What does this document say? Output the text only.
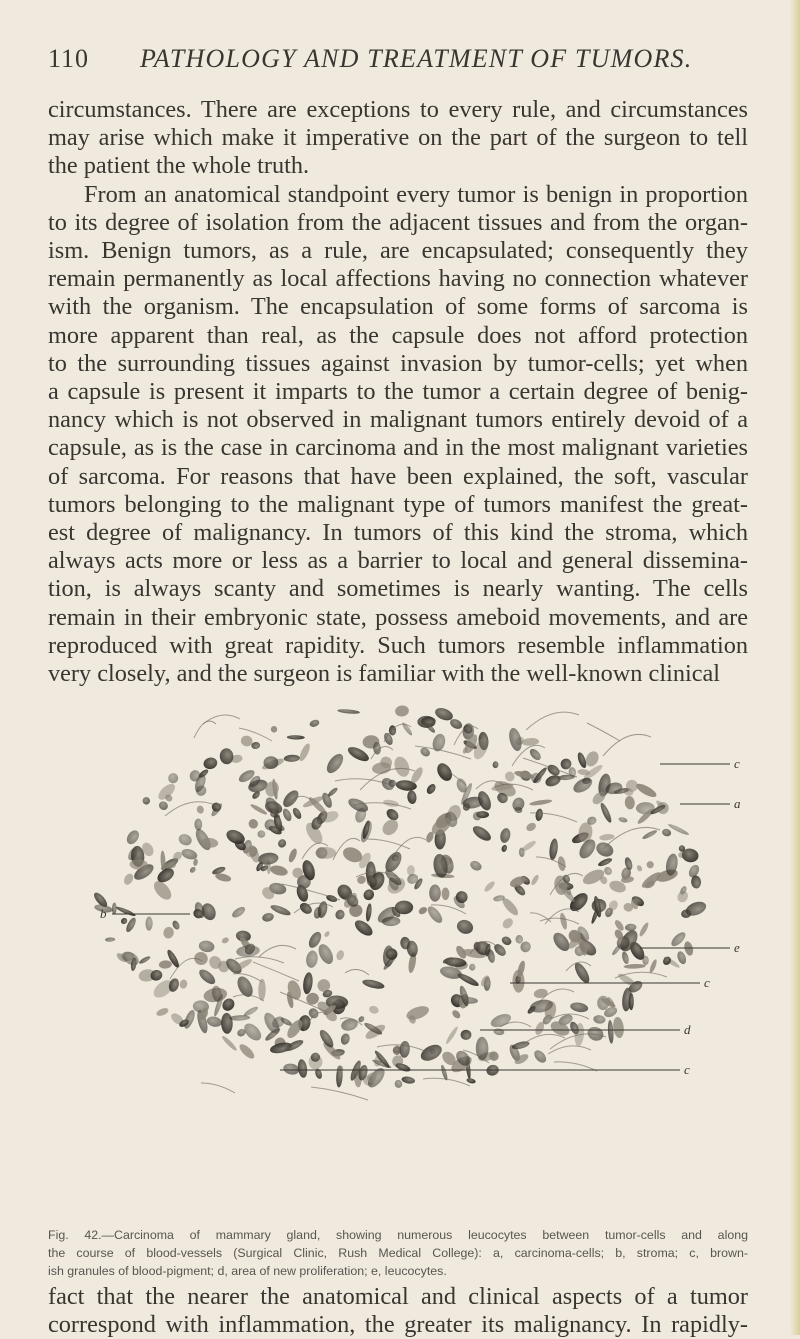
110 PATHOLOGY AND TREATMENT OF TUMORS.
circumstances. There are exceptions to every rule, and circumstances
may arise which make it imperative on the part of the surgeon to tell
the patient the whole truth.
From an anatomical standpoint every tumor is benign in proportion
to its degree of isolation from the adjacent tissues and from the organ-
ism. Benign tumors, as a rule, are encapsulated; consequently they
remain permanently as local affections having no connection whatever
with the organism. The encapsulation of some forms of sarcoma is
more apparent than real, as the capsule does not afford protection
to the surrounding tissues against invasion by tumor-cells; yet when
a capsule is present it imparts to the tumor a certain degree of benig-
nancy which is not observed in malignant tumors entirely devoid of a
capsule, as is the case in carcinoma and in the most malignant varieties
of sarcoma. For reasons that have been explained, the soft, vascular
tumors belonging to the malignant type of tumors manifest the great-
est degree of malignancy. In tumors of this kind the stroma, which
always acts more or less as a barrier to local and general dissemina-
tion, is always scanty and sometimes is nearly wanting. The cells
remain in their embryonic state, possess ameboid movements, and are
reproduced with great rapidity. Such tumors resemble inflammation
very closely, and the surgeon is familiar with the well-known clinical
c
a
b
e
c
d
c
Fig. 42.—Carcinoma of mammary gland, showing numerous leucocytes between tumor-cells and along
the course of blood-vessels (Surgical Clinic, Rush Medical College): a, carcinoma-cells; b, stroma; c, brown-
ish granules of blood-pigment; d, area of new proliferation; e, leucocytes.
fact that the nearer the anatomical and clinical aspects of a tumor
correspond with inflammation, the greater its malignancy. In rapidly-
